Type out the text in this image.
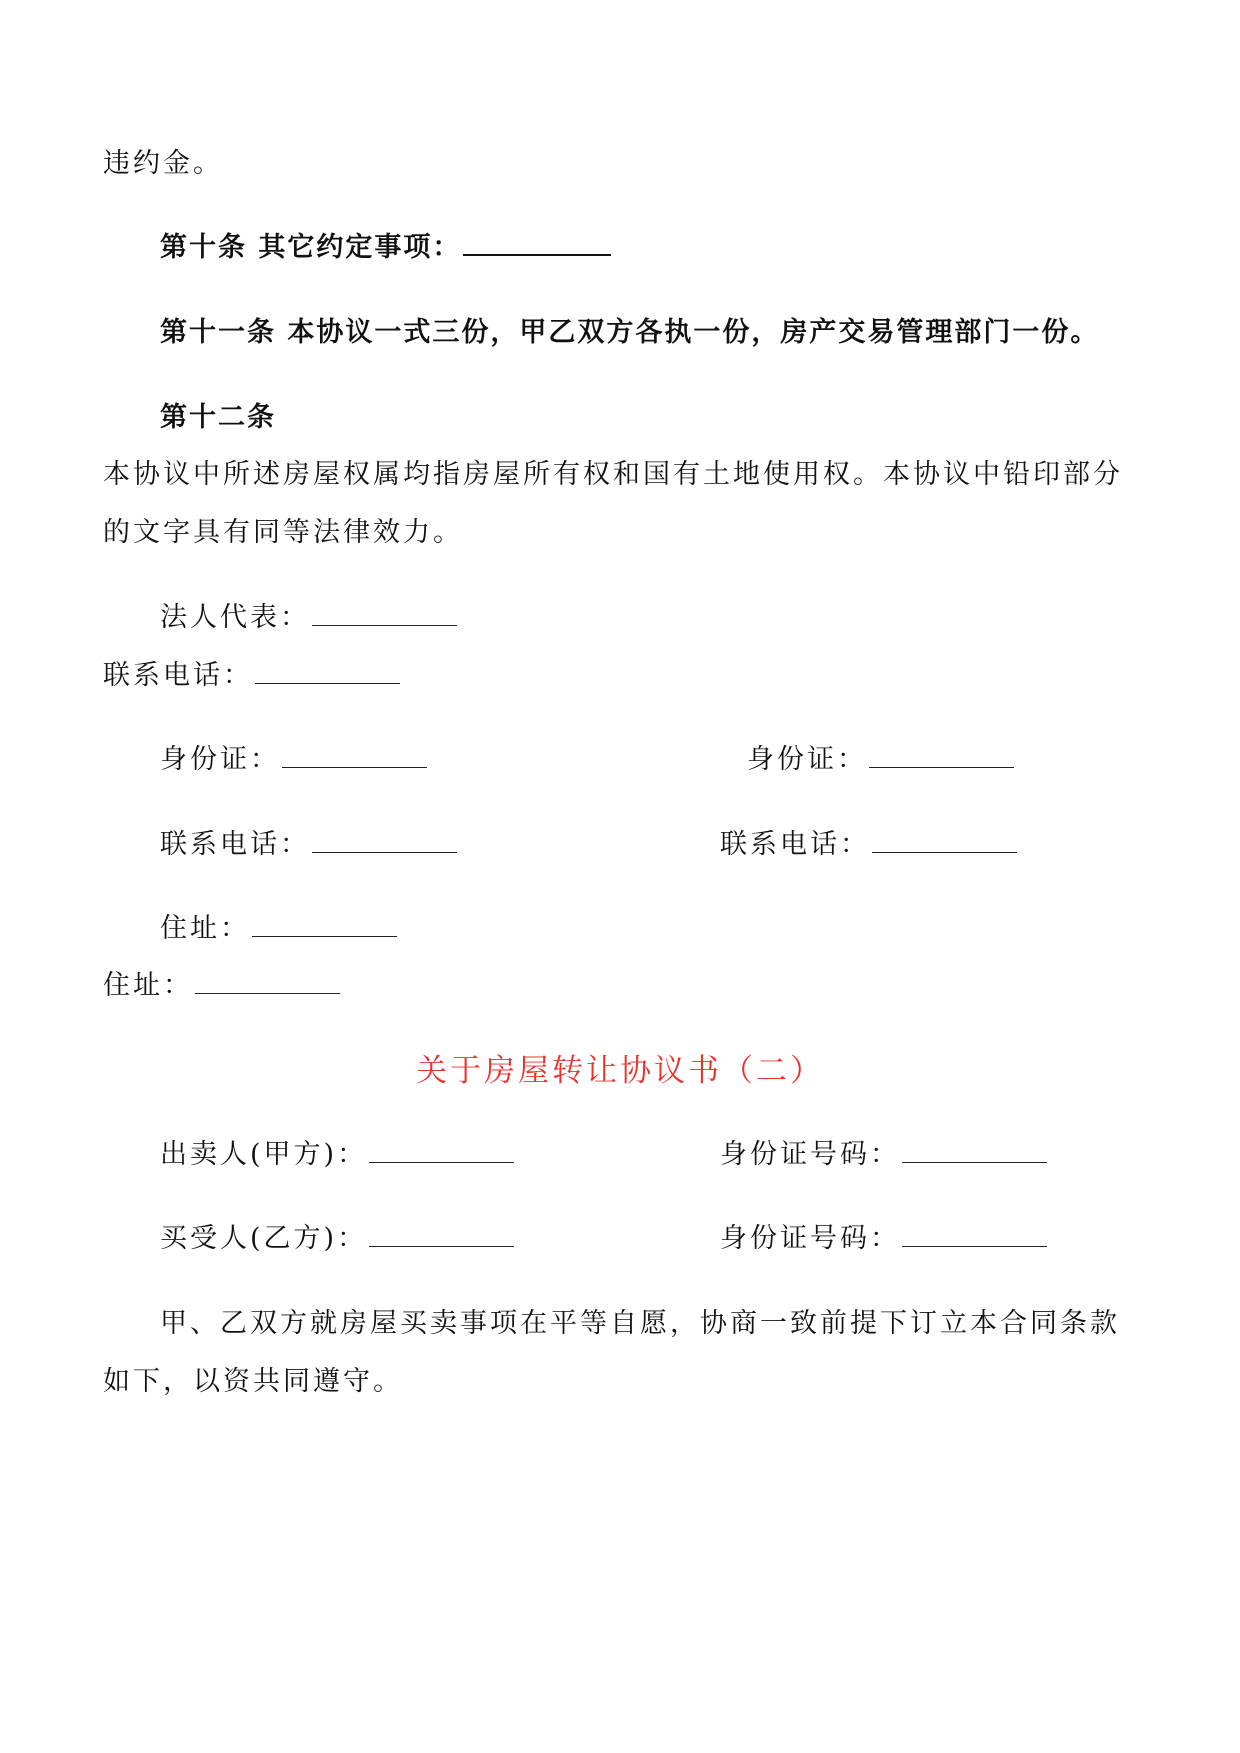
违约金。
第十条 其它约定事项：
第十一条 本协议一式三份，甲乙双方各执一份，房产交易管理部门一份。
第十二条
本协议中所述房屋权属均指房屋所有权和国有土地使用权。本协议中铅印部分
的文字具有同等法律效力。
法人代表：
联系电话：
身份证：	身份证：
联系电话：	联系电话：
住址：
住址：
关于房屋转让协议书（二）
出卖人(甲方)：	身份证号码：
买受人(乙方)：	身份证号码：
甲、乙双方就房屋买卖事项在平等自愿，协商一致前提下订立本合同条款
如下，以资共同遵守。
